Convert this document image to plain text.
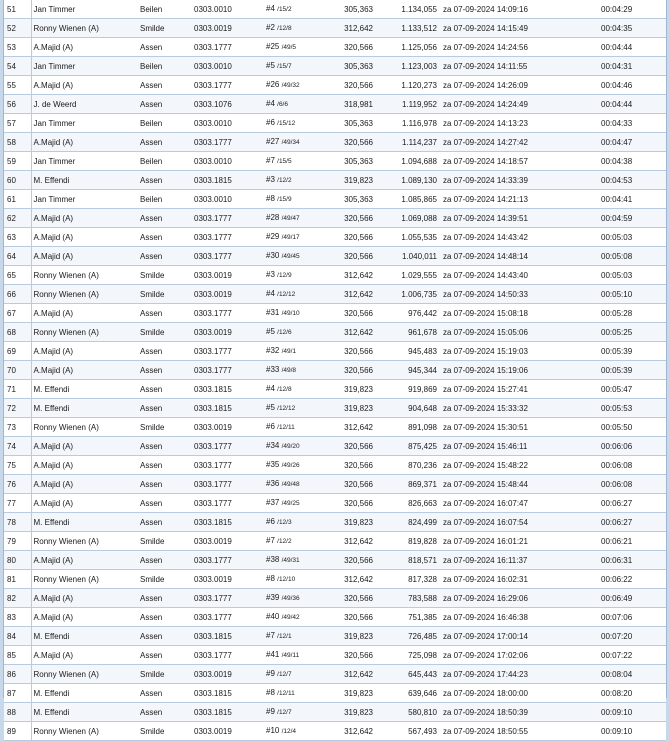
51	Jan Timmer	Beilen	0303.0010	#4 /15/2	305,363	1.134,055	za 07-09-2024 14:09:16	00:04:29
52	Ronny Wienen (A)	Smilde	0303.0019	#2 /12/8	312,642	1.133,512	za 07-09-2024 14:15:49	00:04:35
53	A.Majid (A)	Assen	0303.1777	#25 /49/5	320,566	1.125,056	za 07-09-2024 14:24:56	00:04:44
54	Jan Timmer	Beilen	0303.0010	#5 /15/7	305,363	1.123,003	za 07-09-2024 14:11:55	00:04:31
55	A.Majid (A)	Assen	0303.1777	#26 /49/32	320,566	1.120,273	za 07-09-2024 14:26:09	00:04:46
56	J. de Weerd	Assen	0303.1076	#4 /6/6	318,981	1.119,952	za 07-09-2024 14:24:49	00:04:44
57	Jan Timmer	Beilen	0303.0010	#6 /15/12	305,363	1.116,978	za 07-09-2024 14:13:23	00:04:33
58	A.Majid (A)	Assen	0303.1777	#27 /49/34	320,566	1.114,237	za 07-09-2024 14:27:42	00:04:47
59	Jan Timmer	Beilen	0303.0010	#7 /15/5	305,363	1.094,688	za 07-09-2024 14:18:57	00:04:38
60	M. Effendi	Assen	0303.1815	#3 /12/2	319,823	1.089,130	za 07-09-2024 14:33:39	00:04:53
61	Jan Timmer	Beilen	0303.0010	#8 /15/9	305,363	1.085,865	za 07-09-2024 14:21:13	00:04:41
62	A.Majid (A)	Assen	0303.1777	#28 /49/47	320,566	1.069,088	za 07-09-2024 14:39:51	00:04:59
63	A.Majid (A)	Assen	0303.1777	#29 /49/17	320,566	1.055,535	za 07-09-2024 14:43:42	00:05:03
64	A.Majid (A)	Assen	0303.1777	#30 /49/45	320,566	1.040,011	za 07-09-2024 14:48:14	00:05:08
65	Ronny Wienen (A)	Smilde	0303.0019	#3 /12/9	312,642	1.029,555	za 07-09-2024 14:43:40	00:05:03
66	Ronny Wienen (A)	Smilde	0303.0019	#4 /12/12	312,642	1.006,735	za 07-09-2024 14:50:33	00:05:10
67	A.Majid (A)	Assen	0303.1777	#31 /49/10	320,566	976,442	za 07-09-2024 15:08:18	00:05:28
68	Ronny Wienen (A)	Smilde	0303.0019	#5 /12/6	312,642	961,678	za 07-09-2024 15:05:06	00:05:25
69	A.Majid (A)	Assen	0303.1777	#32 /49/1	320,566	945,483	za 07-09-2024 15:19:03	00:05:39
70	A.Majid (A)	Assen	0303.1777	#33 /49/8	320,566	945,344	za 07-09-2024 15:19:06	00:05:39
71	M. Effendi	Assen	0303.1815	#4 /12/8	319,823	919,869	za 07-09-2024 15:27:41	00:05:47
72	M. Effendi	Assen	0303.1815	#5 /12/12	319,823	904,648	za 07-09-2024 15:33:32	00:05:53
73	Ronny Wienen (A)	Smilde	0303.0019	#6 /12/11	312,642	891,098	za 07-09-2024 15:30:51	00:05:50
74	A.Majid (A)	Assen	0303.1777	#34 /49/20	320,566	875,425	za 07-09-2024 15:46:11	00:06:06
75	A.Majid (A)	Assen	0303.1777	#35 /49/26	320,566	870,236	za 07-09-2024 15:48:22	00:06:08
76	A.Majid (A)	Assen	0303.1777	#36 /49/48	320,566	869,371	za 07-09-2024 15:48:44	00:06:08
77	A.Majid (A)	Assen	0303.1777	#37 /49/25	320,566	826,663	za 07-09-2024 16:07:47	00:06:27
78	M. Effendi	Assen	0303.1815	#6 /12/3	319,823	824,499	za 07-09-2024 16:07:54	00:06:27
79	Ronny Wienen (A)	Smilde	0303.0019	#7 /12/2	312,642	819,828	za 07-09-2024 16:01:21	00:06:21
80	A.Majid (A)	Assen	0303.1777	#38 /49/31	320,566	818,571	za 07-09-2024 16:11:37	00:06:31
81	Ronny Wienen (A)	Smilde	0303.0019	#8 /12/10	312,642	817,328	za 07-09-2024 16:02:31	00:06:22
82	A.Majid (A)	Assen	0303.1777	#39 /49/36	320,566	783,588	za 07-09-2024 16:29:06	00:06:49
83	A.Majid (A)	Assen	0303.1777	#40 /49/42	320,566	751,385	za 07-09-2024 16:46:38	00:07:06
84	M. Effendi	Assen	0303.1815	#7 /12/1	319,823	726,485	za 07-09-2024 17:00:14	00:07:20
85	A.Majid (A)	Assen	0303.1777	#41 /49/11	320,566	725,098	za 07-09-2024 17:02:06	00:07:22
86	Ronny Wienen (A)	Smilde	0303.0019	#9 /12/7	312,642	645,443	za 07-09-2024 17:44:23	00:08:04
87	M. Effendi	Assen	0303.1815	#8 /12/11	319,823	639,646	za 07-09-2024 18:00:00	00:08:20
88	M. Effendi	Assen	0303.1815	#9 /12/7	319,823	580,810	za 07-09-2024 18:50:39	00:09:10
89	Ronny Wienen (A)	Smilde	0303.0019	#10 /12/4	312,642	567,493	za 07-09-2024 18:50:55	00:09:10
